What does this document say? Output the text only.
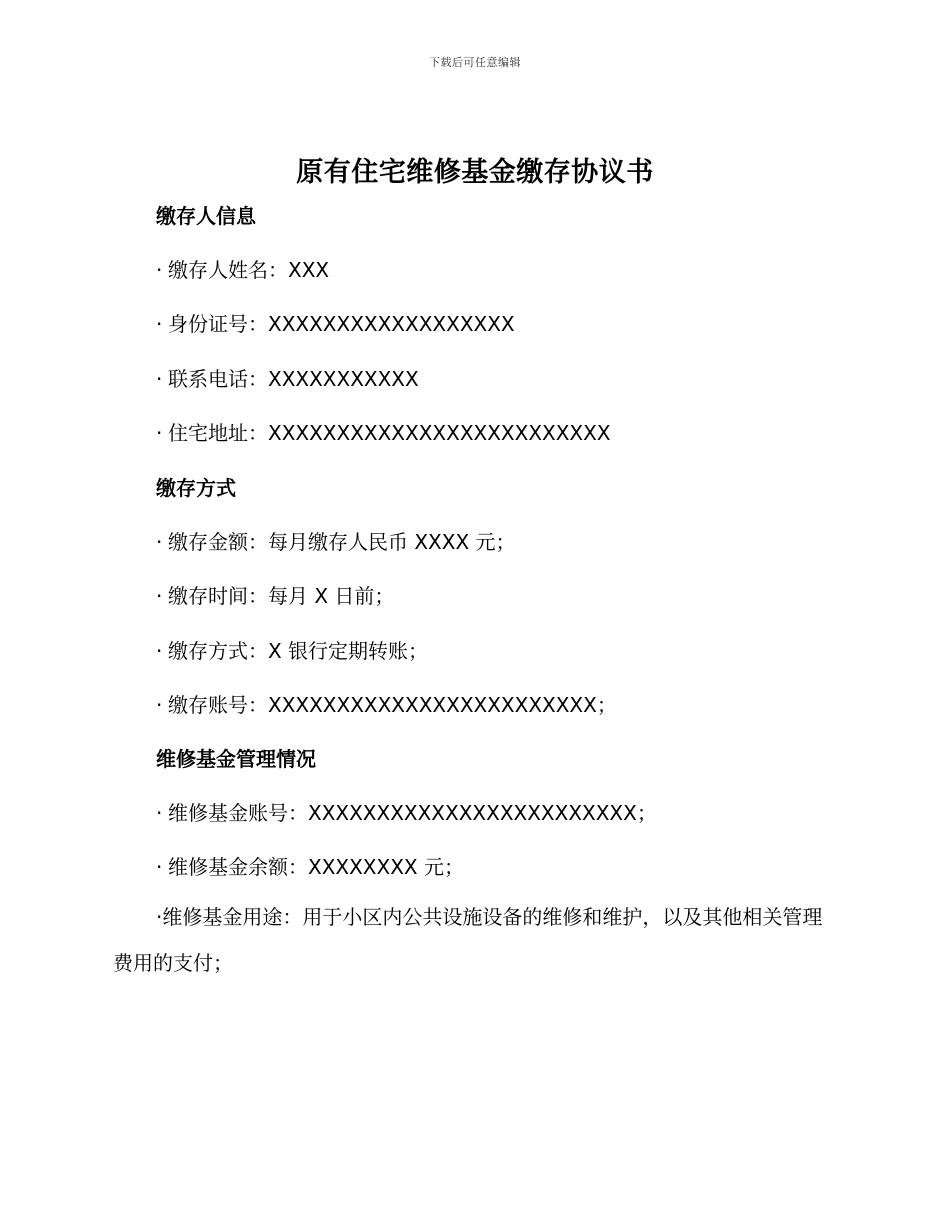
下载后可任意编辑
原有住宅维修基金缴存协议书
缴存人信息
· 缴存人姓名：XXX
· 身份证号：XXXXXXXXXXXXXXXXXX
· 联系电话：XXXXXXXXXXX
· 住宅地址：XXXXXXXXXXXXXXXXXXXXXXXXX
缴存方式
· 缴存金额：每月缴存人民币 XXXX 元；
· 缴存时间：每月 X 日前；
· 缴存方式：X 银行定期转账；
· 缴存账号：XXXXXXXXXXXXXXXXXXXXXXXX；
维修基金管理情况
· 维修基金账号：XXXXXXXXXXXXXXXXXXXXXXXX；
· 维修基金余额：XXXXXXXX 元；
·维修基金用途：用于小区内公共设施设备的维修和维护，以及其他相关管理费用的支付；
